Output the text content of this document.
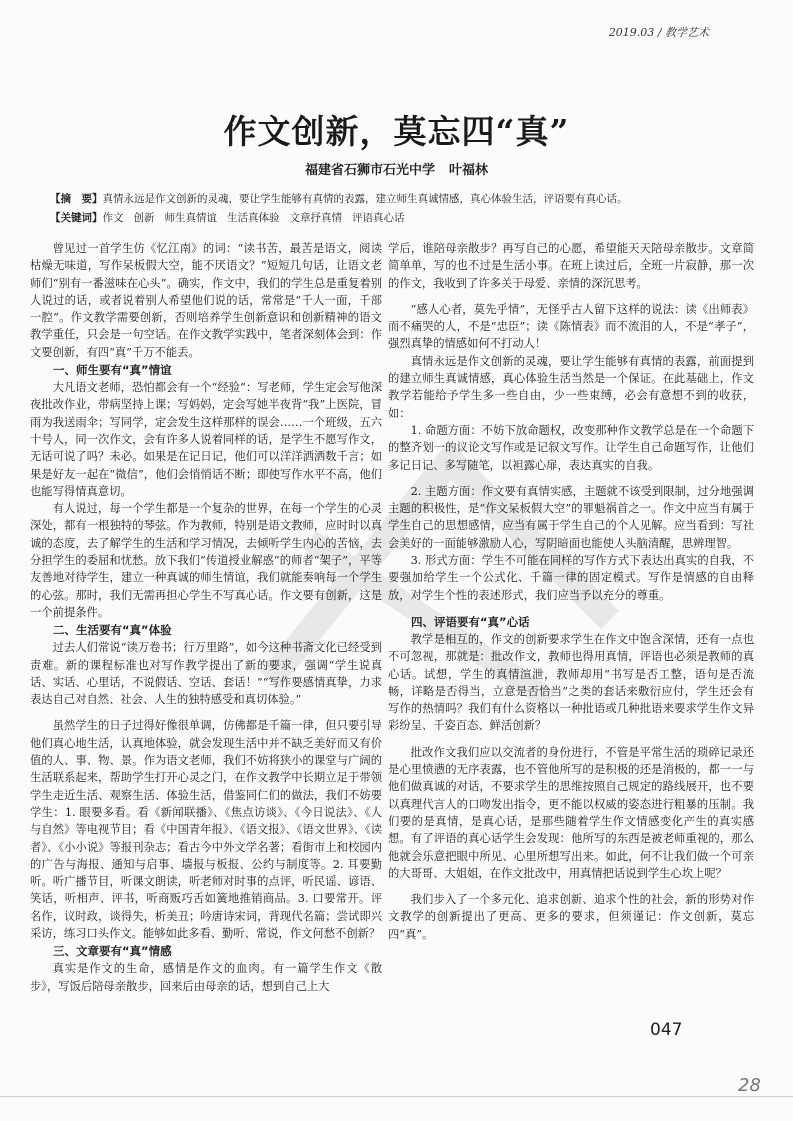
2019.03 / 教学艺术
作文创新，莫忘四“真”
福建省石狮市石光中学 叶福林
【摘　要】真情永远是作文创新的灵魂，要让学生能够有真情的表露，建立师生真诚情感，真心体验生活，评语要有真心话。
【关键词】作文 创新 师生真情谊 生活真体验 文章抒真情 评语真心话

曾见过一首学生仿《忆江南》的词：“读书苦，最苦是语文，阅读枯燥无味道，写作呆板假大空，能不厌语文？”短短几句话，让语文老师们“别有一番滋味在心头”。确实，作文中，我们的学生总是重复着别人说过的话，或者说着别人希望他们说的话，常常是“千人一面，千部一腔”。作文教学需要创新，否则培养学生创新意识和创新精神的语文教学重任，只会是一句空话。在作文教学实践中，笔者深刻体会到：作文要创新，有四“真”千万不能丢。

一、师生要有“真”情谊

大凡语文老师，恐怕都会有一个“经验”：写老师，学生定会写他深夜批改作业，带病坚持上课；写妈妈，定会写她半夜背“我”上医院，冒雨为我送雨伞；写同学，定会发生这样那样的误会……一个班级，五六十号人，同一次作文，会有许多人说着同样的话，是学生不愿写作文，无话可说了吗？未必。如果是在记日记，他们可以洋洋洒洒数千言；如果是好友一起在“微信”，他们会悄悄话不断；即使写作水平不高，他们也能写得情真意切。

有人说过，每一个学生都是一个复杂的世界，在每一个学生的心灵深处，都有一根独特的琴弦。作为教师，特别是语文教师，应时时以真诚的态度，去了解学生的生活和学习情况，去倾听学生内心的苦恼，去分担学生的委屈和忧愁。放下我们“传道授业解惑”的师者“架子”，平等友善地对待学生，建立一种真诚的师生情谊，我们就能奏响每一个学生的心弦。那时，我们无需再担心学生不写真心话。作文要有创新，这是一个前提条件。

二、生活要有“真”体验

过去人们常说“读万卷书；行万里路”，如今这种书斋文化已经受到责难。新的课程标准也对写作教学提出了新的要求，强调“学生说真话、实话、心里话，不说假话、空话、套话！”“写作要感情真挚，力求表达自己对自然、社会、人生的独特感受和真切体验。”

虽然学生的日子过得好像很单调，仿佛都是千篇一律，但只要引导他们真心地生活，认真地体验，就会发现生活中并不缺乏美好而又有价值的人、事、物、景。作为语文老师，我们不妨将狭小的课堂与广阔的生活联系起来，帮助学生打开心灵之门，在作文教学中长期立足于带领学生走近生活、观察生活、体验生活，借鉴同仁们的做法，我们不妨要学生：1. 眼要多看。看《新闻联播》、《焦点访谈》、《今日说法》、《人与自然》等电视节目；看《中国青年报》、《语文报》、《语文世界》、《读者》、《小小说》等报刊杂志；看古今中外文学名著；看街市上和校园内的广告与海报、通知与启事、墙报与板报、公约与制度等。2. 耳要勤听。听广播节目，听课文朗读，听老师对时事的点评，听民谣、谚语、笑话，听相声、评书，听商贩巧舌如簧地推销商品。3. 口要常开。评名作，议时政，谈得失，析美丑；吟唐诗宋词，背现代名篇；尝试即兴采访，练习口头作文。能够如此多看、勤听、常说，作文何愁不创新？

三、文章要有“真”情感

真实是作文的生命，感情是作文的血肉。有一篇学生作文《散步》，写饭后陪母亲散步，回来后由母亲的话，想到自己上大

学后，谁陪母亲散步？再写自己的心愿，希望能天天陪母亲散步。文章简简单单，写的也不过是生活小事。在班上读过后，全班一片寂静，那一次的作文，我收到了许多关于母爱、亲情的深沉思考。

“感人心者，莫先乎情”，无怪乎古人留下这样的说法：读《出师表》而不痛哭的人，不是“忠臣”；读《陈情表》而不流泪的人，不是“孝子”，强烈真挚的情感如何不打动人！

真情永远是作文创新的灵魂，要让学生能够有真情的表露，前面提到的建立师生真诚情感，真心体验生活当然是一个保证。在此基础上，作文教学若能给予学生多一些自由，少一些束缚，必会有意想不到的收获，如：

1. 命题方面：不妨下放命题权，改变那种作文教学总是在一个命题下的整齐划一的议论文写作或是记叙文写作。让学生自己命题写作，让他们多记日记、多写随笔，以袒露心扉，表达真实的自我。

2. 主题方面：作文要有真情实感，主题就不该受到限制，过分地强调主题的积极性，是“作文呆板假大空”的罪魁祸首之一。作文中应当有属于学生自己的思想感情，应当有属于学生自己的个人见解。应当看到：写社会美好的一面能够激励人心，写阴暗面也能使人头脑清醒，思辨理智。

3. 形式方面：学生不可能在同样的写作方式下表达出真实的自我，不要强加给学生一个公式化、千篇一律的固定模式。写作是情感的自由释放，对学生个性的表述形式，我们应当予以充分的尊重。

四、评语要有“真”心话

教学是相互的，作文的创新要求学生在作文中饱含深情，还有一点也不可忽视，那就是：批改作文，教师也得用真情，评语也必须是教师的真心话。试想，学生的真情渲泄，教师却用“书写是否工整，语句是否流畅，详略是否得当，立意是否恰当”之类的套话来敷衍应付，学生还会有写作的热情吗？我们有什么资格以一种批语或几种批语来要求学生作文异彩纷呈、千姿百态、鲜活创新？

批改作文我们应以交流者的身份进行，不管是平常生活的琐碎记录还是心里愤懑的无序表露，也不管他所写的是积极的还是消极的，都一一与他们做真诚的对话，不要求学生的思维按照自己规定的路线展开，也不要以真理代言人的口吻发出指令，更不能以权威的姿态进行粗暴的压制。我们要的是真情，是真心话，是那些随着学生作文情感变化产生的真实感想。有了评语的真心话学生会发现：他所写的东西是被老师重视的，那么他就会乐意把眼中所见、心里所想写出来。如此，何不让我们做一个可亲的大哥哥、大姐姐，在作文批改中，用真情把话说到学生心坎上呢？

我们步入了一个多元化、追求创新、追求个性的社会，新的形势对作文教学的创新提出了更高、更多的要求，但须谨记：作文创新，莫忘四“真”。

047
28
